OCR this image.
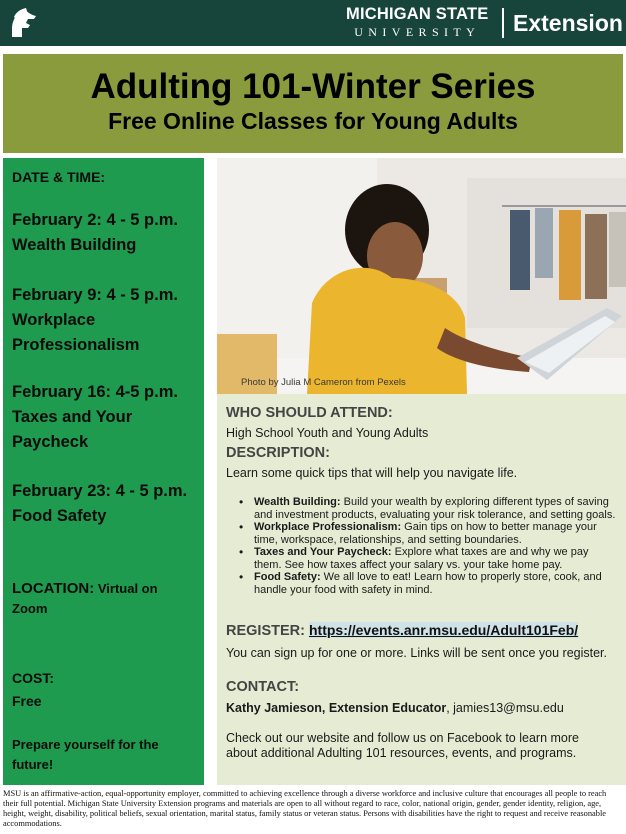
MICHIGAN STATE
UNIVERSITY	Extension
Adulting 101-Winter Series
Free Online Classes for Young Adults
DATE & TIME:
February 2: 4 - 5 p.m.
Wealth Building
February 9: 4 - 5 p.m.
Workplace
Professionalism
February 16: 4-5 p.m.
Taxes and Your
Paycheck
February 23: 4 - 5 p.m.
Food Safety
LOCATION: Virtual on
Zoom
COST:
Free
Prepare yourself for the
future!
Photo by Julia M Cameron from Pexels
WHO SHOULD ATTEND:
High School Youth and Young Adults
DESCRIPTION:
Learn some quick tips that will help you navigate life.
• Wealth Building: Build your wealth by exploring different types of saving and investment products, evaluating your risk tolerance, and setting goals.
• Workplace Professionalism: Gain tips on how to better manage your time, workspace, relationships, and setting boundaries.
• Taxes and Your Paycheck: Explore what taxes are and why we pay them. See how taxes affect your salary vs. your take home pay.
• Food Safety: We all love to eat! Learn how to properly store, cook, and handle your food with safety in mind.
REGISTER: https://events.anr.msu.edu/Adult101Feb/
You can sign up for one or more. Links will be sent once you register.
CONTACT:
Kathy Jamieson, Extension Educator, jamies13@msu.edu
Check out our website and follow us on Facebook to learn more
about additional Adulting 101 resources, events, and programs.
MSU is an affirmative-action, equal-opportunity employer, committed to achieving excellence through a diverse workforce and inclusive culture that encourages all people to reach their full potential. Michigan State University Extension programs and materials are open to all without regard to race, color, national origin, gender, gender identity, religion, age, height, weight, disability, political beliefs, sexual orientation, marital status, family status or veteran status. Persons with disabilities have the right to request and receive reasonable accommodations.
